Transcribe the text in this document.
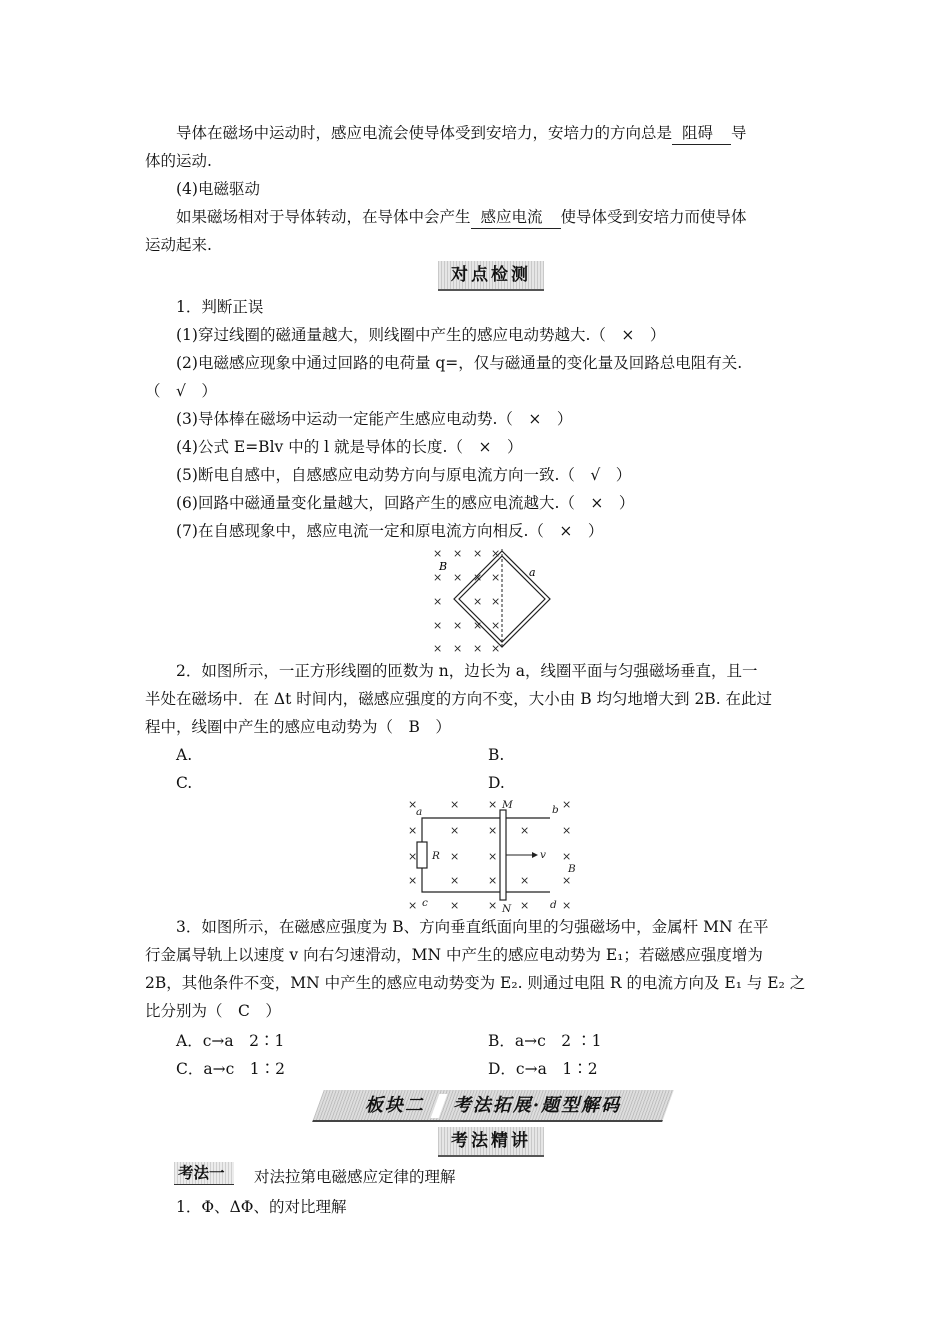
导体在磁场中运动时，感应电流会使导体受到安培力，安培力的方向总是 阻碍 导
体的运动.
(4)电磁驱动
如果磁场相对于导体转动，在导体中会产生 感应电流 使导体受到安培力而使导体
运动起来.
对点检测
1．判断正误
(1)穿过线圈的磁通量越大，则线圈中产生的感应电动势越大.（　×　）
(2)电磁感应现象中通过回路的电荷量 q=，仅与磁通量的变化量及回路总电阻有关.
（　√　）
(3)导体棒在磁场中运动一定能产生感应电动势.（　×　）
(4)公式 E=Blv 中的 l 就是导体的长度.（　×　）
(5)断电自感中，自感感应电动势方向与原电流方向一致.（　√　）
(6)回路中磁通量变化量越大，回路产生的感应电流越大.（　×　）
(7)在自感现象中，感应电流一定和原电流方向相反.（　×　）
× × × ×
× × × ×
×	× ×
× × × ×
× × × ×
B	a
2．如图所示，一正方形线圈的匝数为 n，边长为 a，线圈平面与匀强磁场垂直，且一
半处在磁场中．在 Δt 时间内，磁感应强度的方向不变，大小由 B 均匀地增大到 2B. 在此过
程中，线圈中产生的感应电动势为（　B　）
A.	B.
C.	D.
×	×	×	×
×	×	× ×	×
×	×	×	×
×	×	× ×	×
×	×	× ×	×
a
M	b
R	v
B
c	N	d
3．如图所示，在磁感应强度为 B、方向垂直纸面向里的匀强磁场中，金属杆 MN 在平
行金属导轨上以速度 v 向右匀速滑动，MN 中产生的感应电动势为 E₁；若磁感应强度增为
2B，其他条件不变，MN 中产生的感应电动势变为 E₂. 则通过电阻 R 的电流方向及 E₁ 与 E₂ 之
比分别为（　C　）
A．c→a　2∶1	B．a→c　2 ∶1
C．a→c　1∶2	D．c→a　1∶2
板块二 考法拓展·题型解码
考法精讲
考法一	对法拉第电磁感应定律的理解
1．Φ、ΔΦ、的对比理解
